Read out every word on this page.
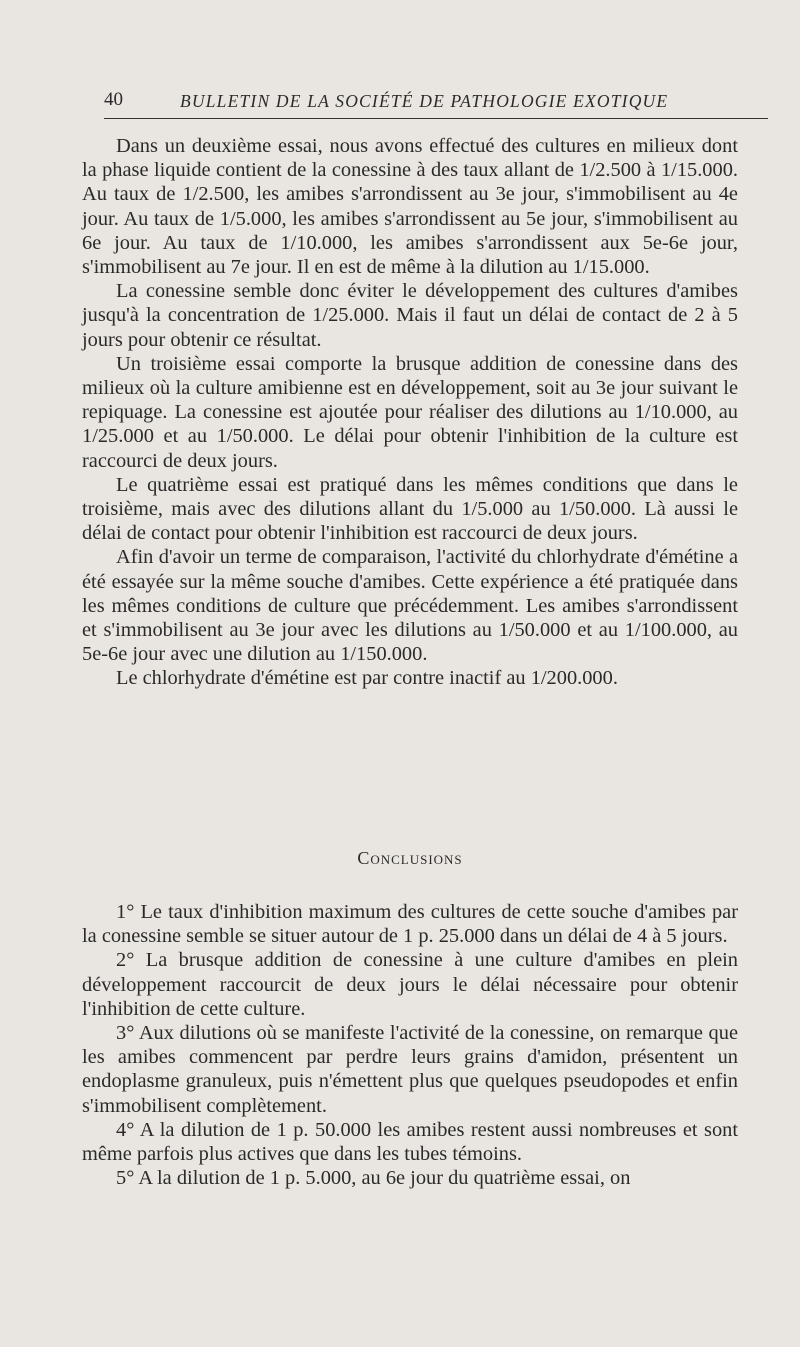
40	BULLETIN DE LA SOCIÉTÉ DE PATHOLOGIE EXOTIQUE

Dans un deuxième essai, nous avons effectué des cultures en milieux dont la phase liquide contient de la conessine à des taux allant de 1/2.500 à 1/15.000. Au taux de 1/2.500, les amibes s'arrondissent au 3e jour, s'immobilisent au 4e jour. Au taux de 1/5.000, les amibes s'arrondissent au 5e jour, s'immobilisent au 6e jour. Au taux de 1/10.000, les amibes s'arrondissent aux 5e-6e jour, s'immobilisent au 7e jour. Il en est de même à la dilution au 1/15.000.

La conessine semble donc éviter le développement des cultures d'amibes jusqu'à la concentration de 1/25.000. Mais il faut un délai de contact de 2 à 5 jours pour obtenir ce résultat.

Un troisième essai comporte la brusque addition de conessine dans des milieux où la culture amibienne est en développement, soit au 3e jour suivant le repiquage. La conessine est ajoutée pour réaliser des dilutions au 1/10.000, au 1/25.000 et au 1/50.000. Le délai pour obtenir l'inhibition de la culture est raccourci de deux jours.

Le quatrième essai est pratiqué dans les mêmes conditions que dans le troisième, mais avec des dilutions allant du 1/5.000 au 1/50.000. Là aussi le délai de contact pour obtenir l'inhibition est raccourci de deux jours.

Afin d'avoir un terme de comparaison, l'activité du chlorhydrate d'émétine a été essayée sur la même souche d'amibes. Cette expérience a été pratiquée dans les mêmes conditions de culture que précédemment. Les amibes s'arrondissent et s'immobilisent au 3e jour avec les dilutions au 1/50.000 et au 1/100.000, au 5e-6e jour avec une dilution au 1/150.000.

Le chlorhydrate d'émétine est par contre inactif au 1/200.000.

Conclusions

1° Le taux d'inhibition maximum des cultures de cette souche d'amibes par la conessine semble se situer autour de 1 p. 25.000 dans un délai de 4 à 5 jours.

2° La brusque addition de conessine à une culture d'amibes en plein développement raccourcit de deux jours le délai nécessaire pour obtenir l'inhibition de cette culture.

3° Aux dilutions où se manifeste l'activité de la conessine, on remarque que les amibes commencent par perdre leurs grains d'amidon, présentent un endoplasme granuleux, puis n'émettent plus que quelques pseudopodes et enfin s'immobilisent complètement.

4° A la dilution de 1 p. 50.000 les amibes restent aussi nombreuses et sont même parfois plus actives que dans les tubes témoins.

5° A la dilution de 1 p. 5.000, au 6e jour du quatrième essai, on
